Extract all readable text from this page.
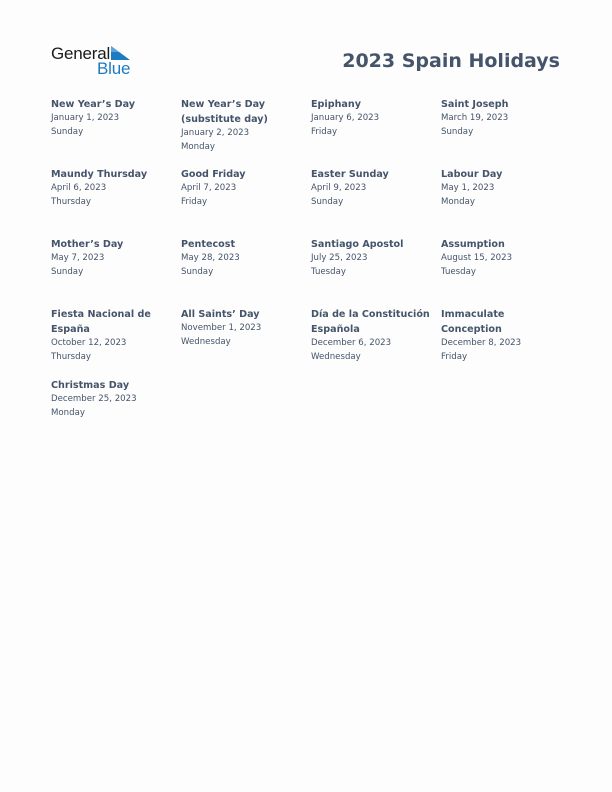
General
Blue	2023 Spain Holidays
New Year’s Day
January 1, 2023
Sunday
New Year’s Day
(substitute day)
January 2, 2023
Monday
Epiphany
January 6, 2023
Friday
Saint Joseph
March 19, 2023
Sunday
Maundy Thursday
April 6, 2023
Thursday
Good Friday
April 7, 2023
Friday
Easter Sunday
April 9, 2023
Sunday
Labour Day
May 1, 2023
Monday
Mother’s Day
May 7, 2023
Sunday
Pentecost
May 28, 2023
Sunday
Santiago Apostol
July 25, 2023
Tuesday
Assumption
August 15, 2023
Tuesday
Fiesta Nacional de
España
October 12, 2023
Thursday
All Saints’ Day
November 1, 2023
Wednesday
Día de la Constitución
Española
December 6, 2023
Wednesday
Immaculate
Conception
December 8, 2023
Friday
Christmas Day
December 25, 2023
Monday
